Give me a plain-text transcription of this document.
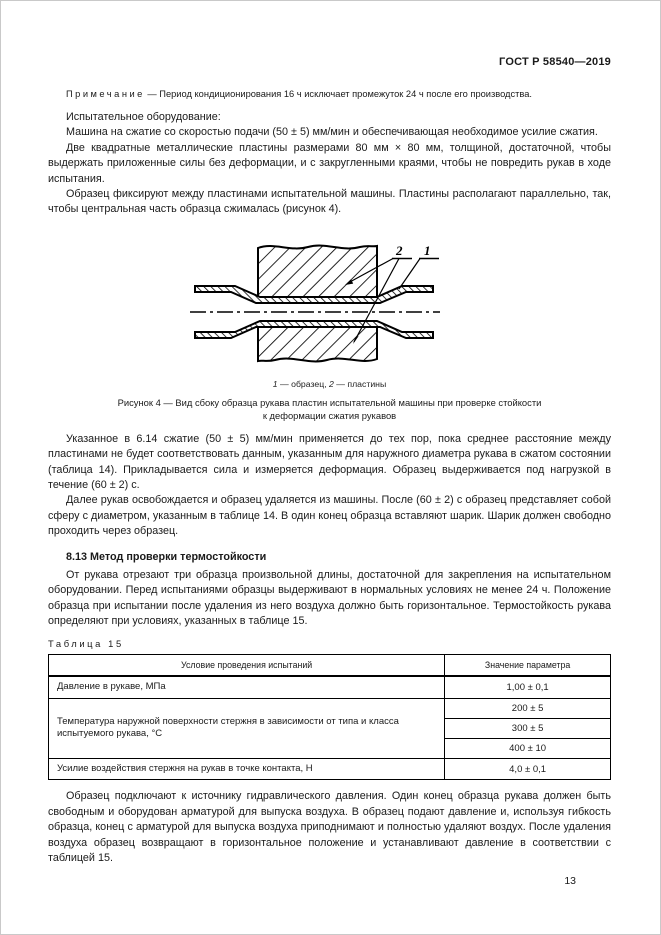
ГОСТ Р 58540—2019
Примечание — Период кондиционирования 16 ч исключает промежуток 24 ч после его производства.

Испытательное оборудование:

Машина на сжатие со скоростью подачи (50 ± 5) мм/мин и обеспечивающая необходимое усилие сжатия.

Две квадратные металлические пластины размерами 80 мм × 80 мм, толщиной, достаточной, чтобы выдержать приложенные силы без деформации, и с закругленными краями, чтобы не повредить рукав в ходе испытания.

Образец фиксируют между пластинами испытательной машины. Пластины располагают параллельно, так, чтобы центральная часть образца сжималась (рисунок 4).

2 1
1 — образец, 2 — пластины
Рисунок 4 — Вид сбоку образца рукава пластин испытательной машины при проверке стойкости
к деформации сжатия рукавов

Указанное в 6.14 сжатие (50 ± 5) мм/мин применяется до тех пор, пока среднее расстояние между пластинами не будет соответствовать данным, указанным для наружного диаметра рукава в сжатом состоянии (таблица 14). Прикладывается сила и измеряется деформация. Образец выдерживается под нагрузкой в течение (60 ± 2) с.

Далее рукав освобождается и образец удаляется из машины. После (60 ± 2) с образец представляет собой сферу с диаметром, указанным в таблице 14. В один конец образца вставляют шарик. Шарик должен свободно проходить через образец.

8.13 Метод проверки термостойкости

От рукава отрезают три образца произвольной длины, достаточной для закрепления на испытательном оборудовании. Перед испытаниями образцы выдерживают в нормальных условиях не менее 24 ч. Положение образца при испытании после удаления из него воздуха должно быть горизонтальное. Термостойкость рукава определяют при условиях, указанных в таблице 15.

Таблица 15
Условие проведения испытаний	Значение параметра
Давление в рукаве, МПа	1,00 ± 0,1
Температура наружной поверхности стержня в зависимости от типа и класса испытуемого рукава, °С	200 ± 5
	300 ± 5
	400 ± 10
Усилие воздействия стержня на рукав в точке контакта, Н	4,0 ± 0,1

Образец подключают к источнику гидравлического давления. Один конец образца рукава должен быть свободным и оборудован арматурой для выпуска воздуха. В образец подают давление и, используя гибкость образца, конец с арматурой для выпуска воздуха приподнимают и полностью удаляют воздух. После удаления воздуха образец возвращают в горизонтальное положение и устанавливают давление в соответствии с таблицей 15.

13
